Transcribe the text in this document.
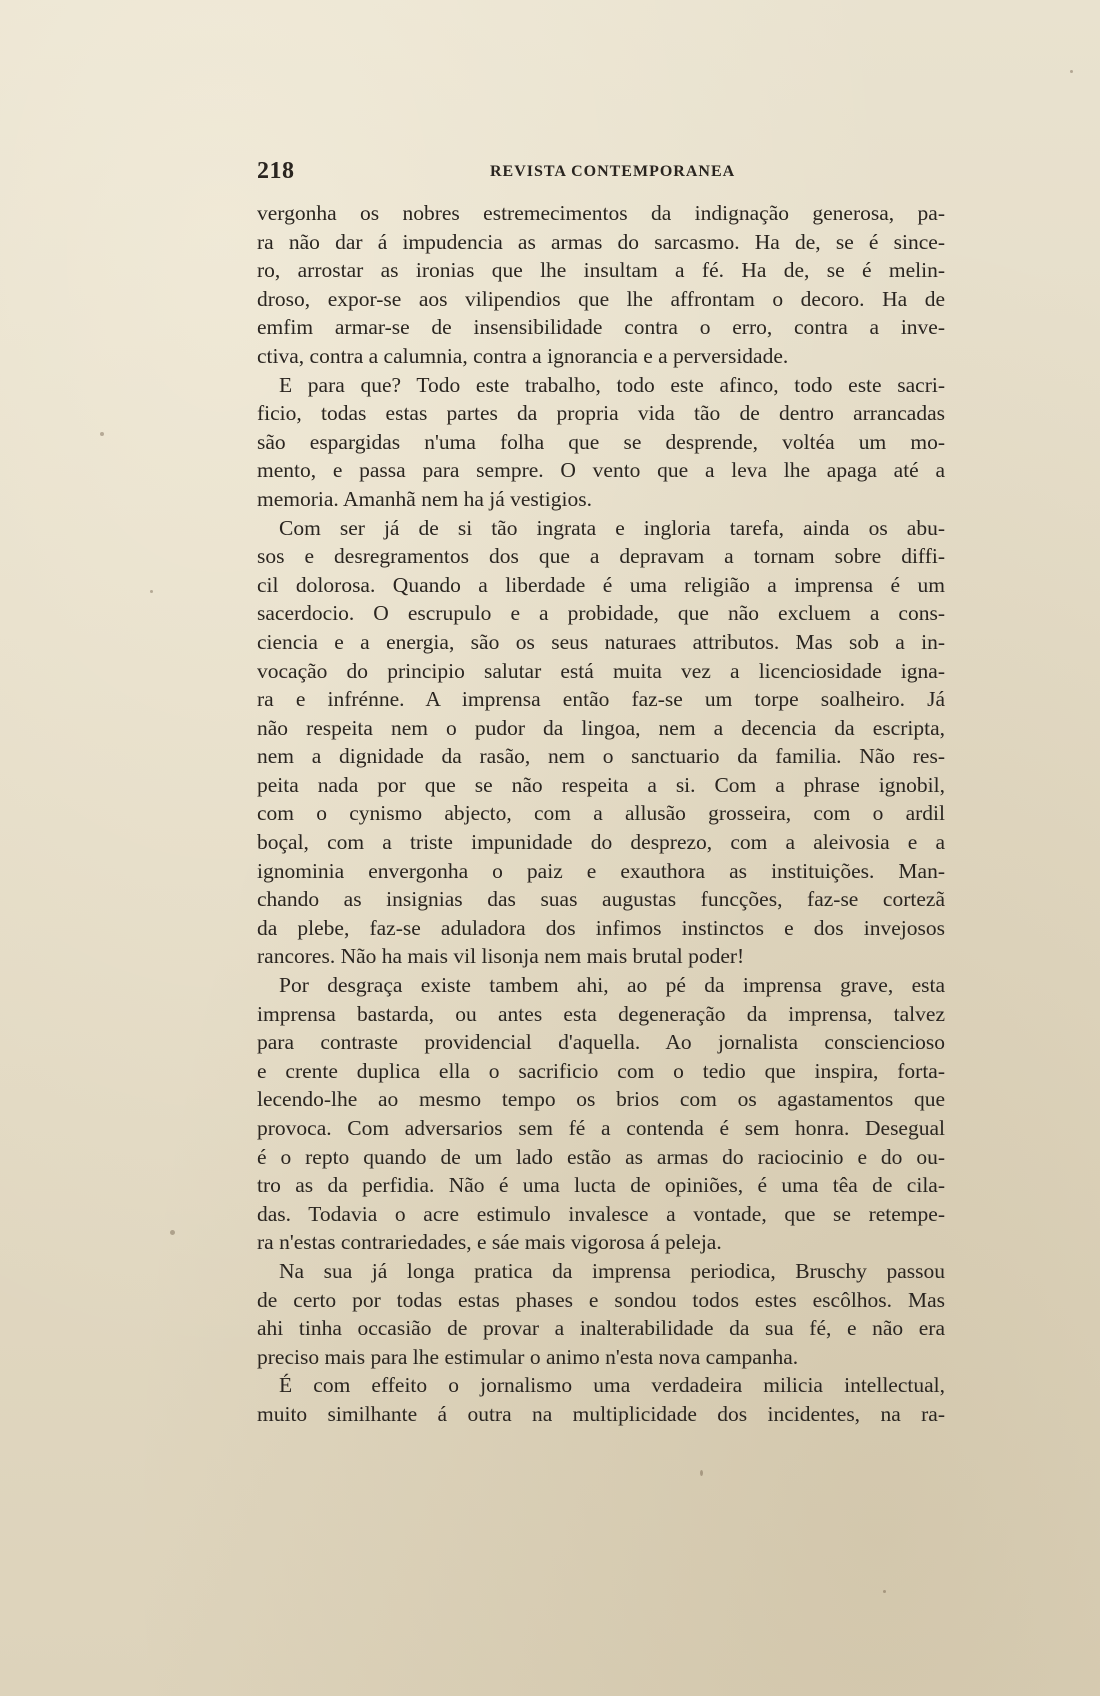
218	REVISTA CONTEMPORANEA
vergonha os nobres estremecimentos da indignação generosa, pa-
ra não dar á impudencia as armas do sarcasmo. Ha de, se é since-
ro, arrostar as ironias que lhe insultam a fé. Ha de, se é melin-
droso, expor-se aos vilipendios que lhe affrontam o decoro. Ha de
emfim armar-se de insensibilidade contra o erro, contra a inve-
ctiva, contra a calumnia, contra a ignorancia e a perversidade.
E para que? Todo este trabalho, todo este afinco, todo este sacri-
ficio, todas estas partes da propria vida tão de dentro arrancadas
são espargidas n'uma folha que se desprende, voltéa um mo-
mento, e passa para sempre. O vento que a leva lhe apaga até a
memoria. Amanhã nem ha já vestigios.
Com ser já de si tão ingrata e ingloria tarefa, ainda os abu-
sos e desregramentos dos que a depravam a tornam sobre diffi-
cil dolorosa. Quando a liberdade é uma religião a imprensa é um
sacerdocio. O escrupulo e a probidade, que não excluem a cons-
ciencia e a energia, são os seus naturaes attributos. Mas sob a in-
vocação do principio salutar está muita vez a licenciosidade igna-
ra e infrénne. A imprensa então faz-se um torpe soalheiro. Já
não respeita nem o pudor da lingoa, nem a decencia da escripta,
nem a dignidade da rasão, nem o sanctuario da familia. Não res-
peita nada por que se não respeita a si. Com a phrase ignobil,
com o cynismo abjecto, com a allusão grosseira, com o ardil
boçal, com a triste impunidade do desprezo, com a aleivosia e a
ignominia envergonha o paiz e exauthora as instituições. Man-
chando as insignias das suas augustas funcções, faz-se cortezã
da plebe, faz-se aduladora dos infimos instinctos e dos invejosos
rancores. Não ha mais vil lisonja nem mais brutal poder!
Por desgraça existe tambem ahi, ao pé da imprensa grave, esta
imprensa bastarda, ou antes esta degeneração da imprensa, talvez
para contraste providencial d'aquella. Ao jornalista consciencioso
e crente duplica ella o sacrificio com o tedio que inspira, forta-
lecendo-lhe ao mesmo tempo os brios com os agastamentos que
provoca. Com adversarios sem fé a contenda é sem honra. Desegual
é o repto quando de um lado estão as armas do raciocinio e do ou-
tro as da perfidia. Não é uma lucta de opiniões, é uma têa de cila-
das. Todavia o acre estimulo invalesce a vontade, que se retempe-
ra n'estas contrariedades, e sáe mais vigorosa á peleja.
Na sua já longa pratica da imprensa periodica, Bruschy passou
de certo por todas estas phases e sondou todos estes escôlhos. Mas
ahi tinha occasião de provar a inalterabilidade da sua fé, e não era
preciso mais para lhe estimular o animo n'esta nova campanha.
É com effeito o jornalismo uma verdadeira milicia intellectual,
muito similhante á outra na multiplicidade dos incidentes, na ra-
